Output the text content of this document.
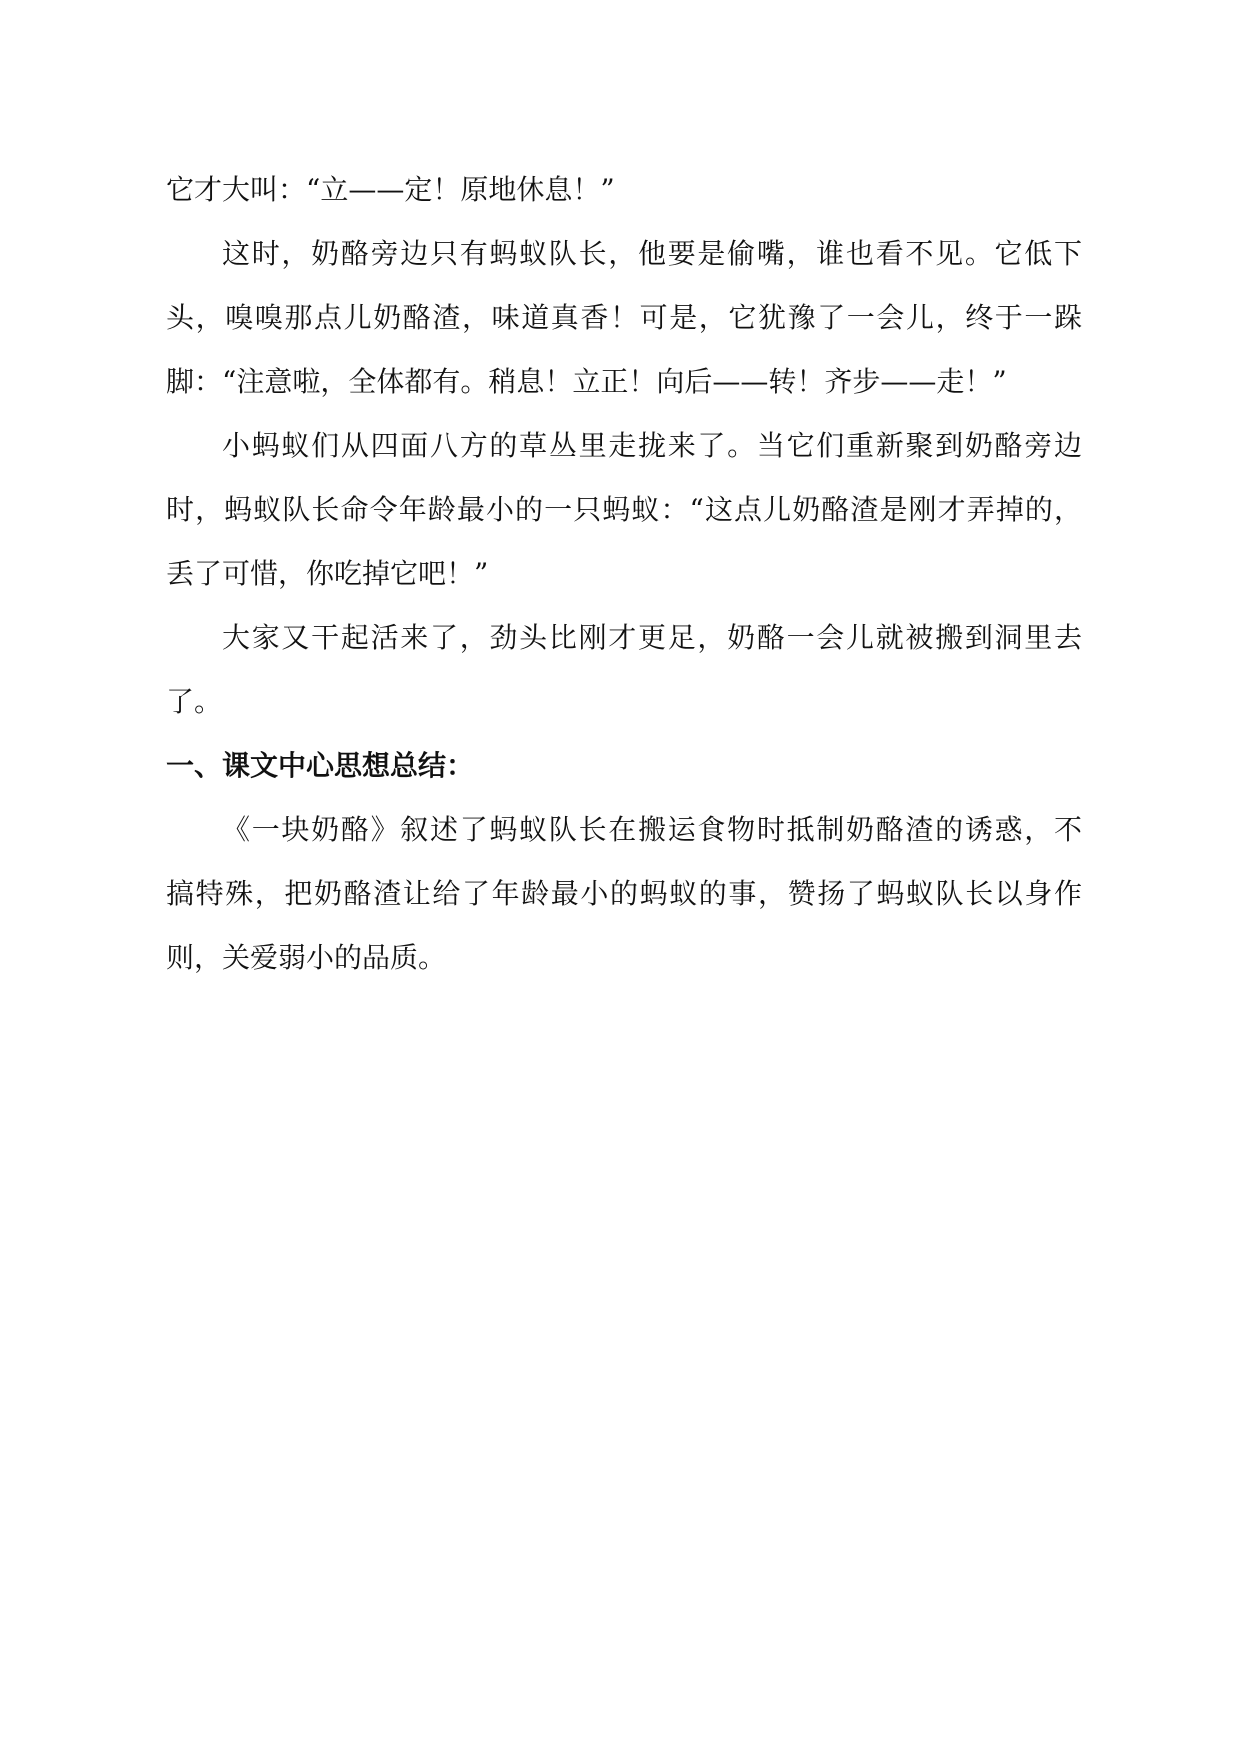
它才大叫：“立——定！原地休息！”
这时，奶酪旁边只有蚂蚁队长，他要是偷嘴，谁也看不见。它低下
头，嗅嗅那点儿奶酪渣，味道真香！可是，它犹豫了一会儿，终于一跺
脚：“注意啦，全体都有。稍息！立正！向后——转！齐步——走！”
小蚂蚁们从四面八方的草丛里走拢来了。当它们重新聚到奶酪旁边
时，蚂蚁队长命令年龄最小的一只蚂蚁：“这点儿奶酪渣是刚才弄掉的，
丢了可惜，你吃掉它吧！”
大家又干起活来了，劲头比刚才更足，奶酪一会儿就被搬到洞里去
了。
一、课文中心思想总结：
《一块奶酪》叙述了蚂蚁队长在搬运食物时抵制奶酪渣的诱惑，不
搞特殊，把奶酪渣让给了年龄最小的蚂蚁的事，赞扬了蚂蚁队长以身作
则，关爱弱小的品质。
